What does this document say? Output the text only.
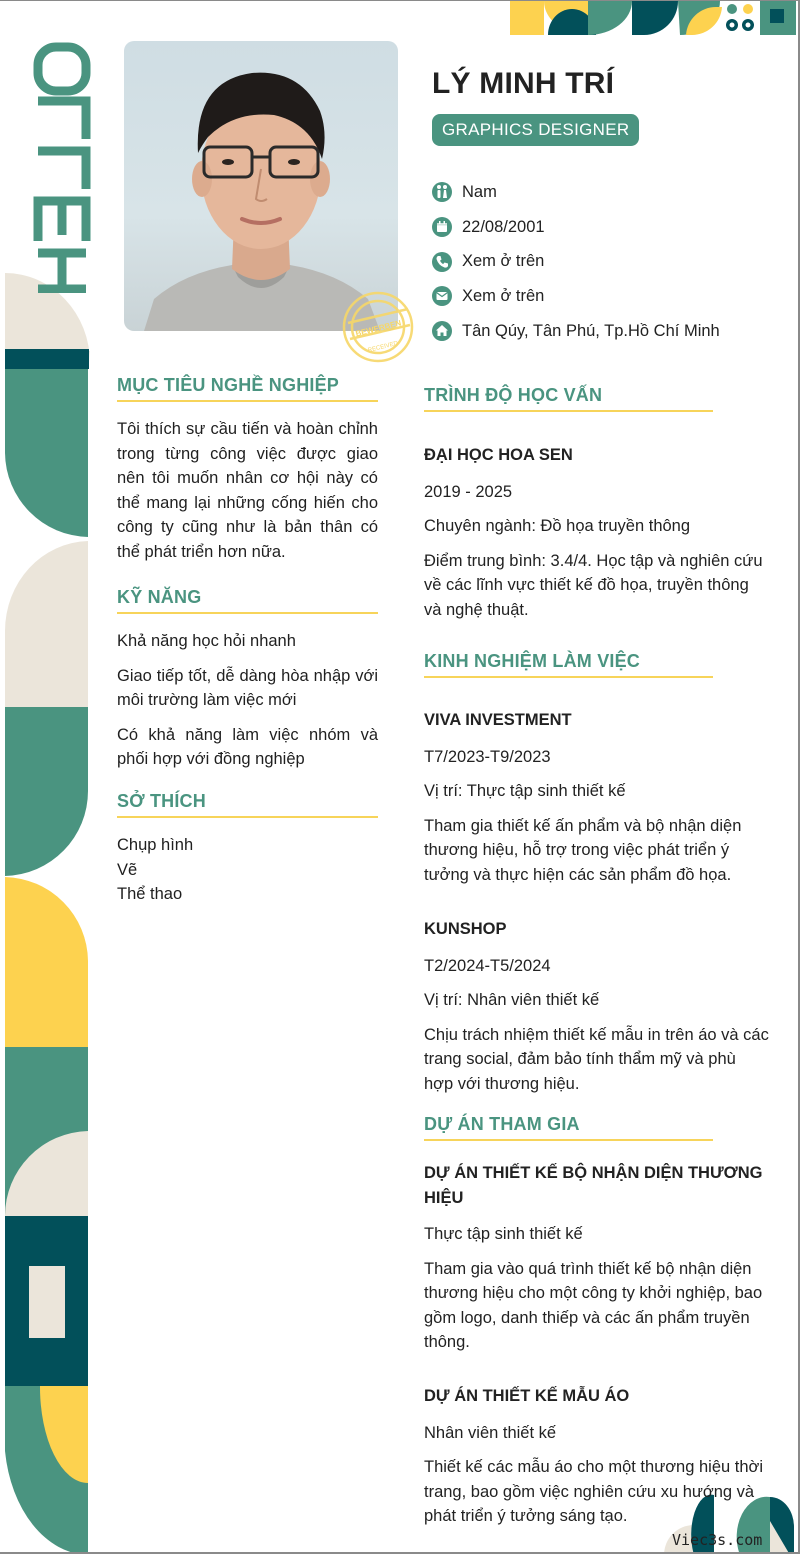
BEWERBEN
RECEIVED
LÝ MINH TRÍ
GRAPHICS DESIGNER
Nam
22/08/2001
Xem ở trên
Xem ở trên
Tân Qúy, Tân Phú, Tp.Hồ Chí Minh
MỤC TIÊU NGHỀ NGHIỆP
Tôi thích sự cầu tiến và hoàn chỉnh trong từng công việc được giao nên tôi muốn nhân cơ hội này có thể mang lại những cống hiến cho công ty cũng như là bản thân có thể phát triển hơn nữa.
KỸ NĂNG
Khả năng học hỏi nhanh
Giao tiếp tốt, dễ dàng hòa nhập với môi trường làm việc mới
Có khả năng làm việc nhóm và phối hợp với đồng nghiệp
SỞ THÍCH
Chụp hình
Vẽ
Thể thao
TRÌNH ĐỘ HỌC VẤN
ĐẠI HỌC HOA SEN
2019 - 2025
Chuyên ngành: Đồ họa truyền thông
Điểm trung bình: 3.4/4. Học tập và nghiên cứu về các lĩnh vực thiết kế đồ họa, truyền thông và nghệ thuật.
KINH NGHIỆM LÀM VIỆC
VIVA INVESTMENT
T7/2023-T9/2023
Vị trí: Thực tập sinh thiết kế
Tham gia thiết kế ấn phẩm và bộ nhận diện thương hiệu, hỗ trợ trong việc phát triển ý tưởng và thực hiện các sản phẩm đồ họa.
KUNSHOP
T2/2024-T5/2024
Vị trí: Nhân viên thiết kế
Chịu trách nhiệm thiết kế mẫu in trên áo và các trang social, đảm bảo tính thẩm mỹ và phù hợp với thương hiệu.
DỰ ÁN THAM GIA
DỰ ÁN THIẾT KẾ BỘ NHẬN DIỆN THƯƠNG HIỆU
Thực tập sinh thiết kế
Tham gia vào quá trình thiết kế bộ nhận diện thương hiệu cho một công ty khởi nghiệp, bao gồm logo, danh thiếp và các ấn phẩm truyền thông.
DỰ ÁN THIẾT KẾ MẪU ÁO
Nhân viên thiết kế
Thiết kế các mẫu áo cho một thương hiệu thời trang, bao gồm việc nghiên cứu xu hướng và phát triển ý tưởng sáng tạo.
Viec3s.com
